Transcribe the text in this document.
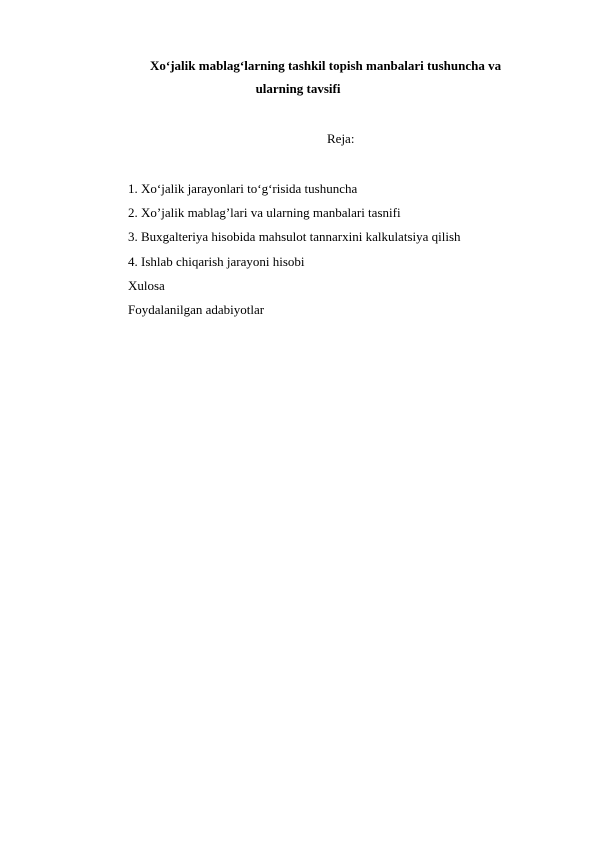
Xo‘jalik mablag‘larning tashkil topish manbalari tushuncha va
ularning tavsifi
Reja:
1. Xo‘jalik jarayonlari to‘g‘risida tushuncha
2. Xo’jalik mablag’lari va ularning manbalari tasnifi
3. Buxgalteriya hisobida mahsulot tannarxini kalkulatsiya qilish
4. Ishlab chiqarish jarayoni hisobi
Xulosa
Foydalanilgan adabiyotlar
